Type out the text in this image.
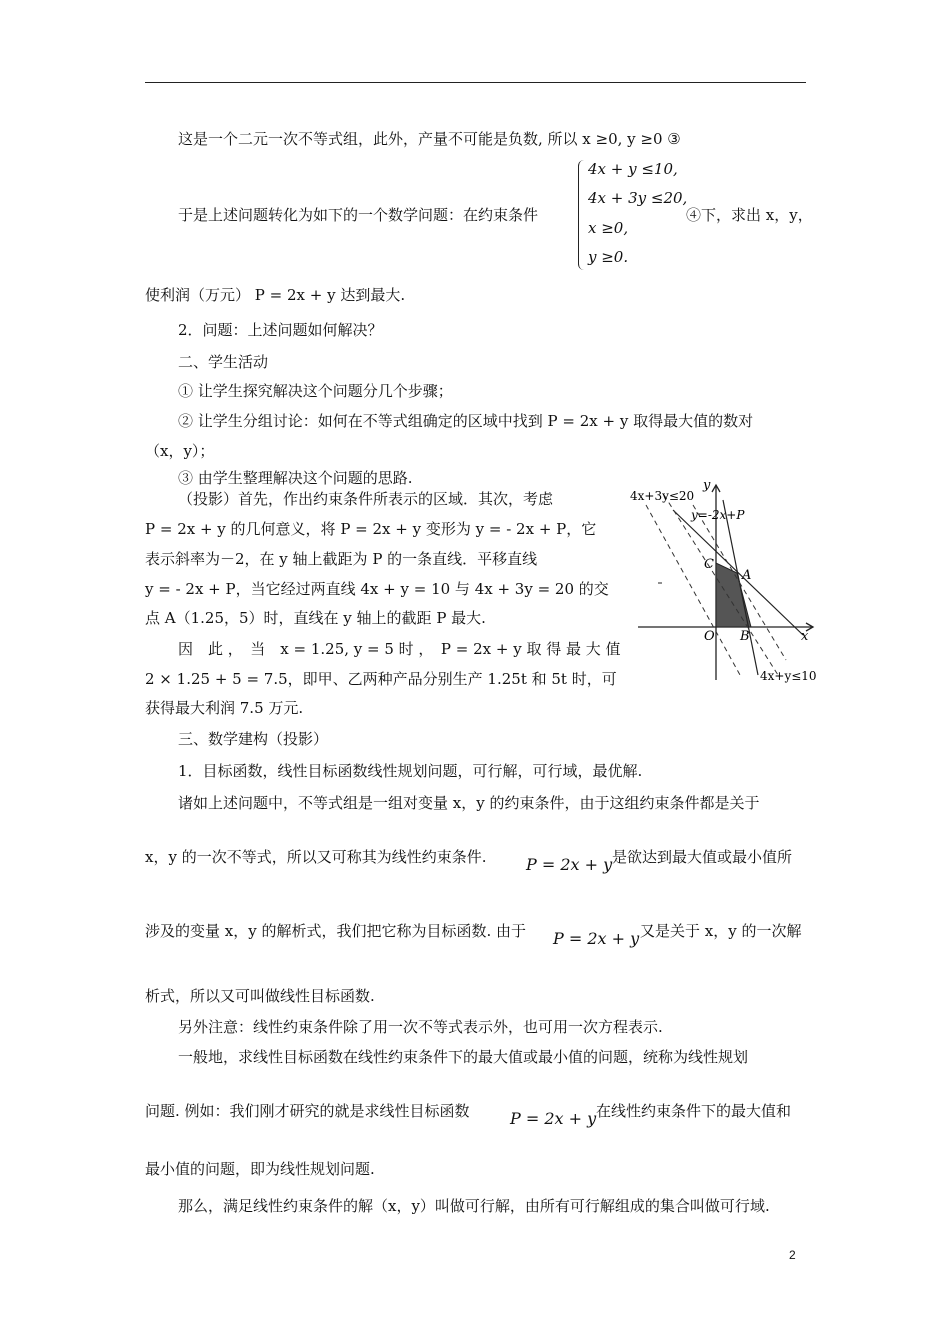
这是一个二元一次不等式组，此外，产量不可能是负数, 所以 x ≥0, y ≥0 ③
4x + y ≤10,
4x + 3y ≤20,
x ≥0,
y ≥0.
于是上述问题转化为如下的一个数学问题：在约束条件	④下，求出 x，y，
使利润（万元） P = 2x + y 达到最大.
2．问题：上述问题如何解决？
二、学生活动
① 让学生探究解决这个问题分几个步骤；
② 让学生分组讨论：如何在不等式组确定的区域中找到 P = 2x + y 取得最大值的数对
（x，y）；
③ 由学生整理解决这个问题的思路.
（投影）首先，作出约束条件所表示的区域．其次，考虑
P = 2x + y 的几何意义，将 P = 2x + y 变形为 y = - 2x + P，它
表示斜率为－2，在 y 轴上截距为 P 的一条直线．平移直线
y = - 2x + P，当它经过两直线 4x + y = 10 与 4x + 3y = 20 的交
点 A（1.25，5）时，直线在 y 轴上的截距 P 最大.
因　此 ，　当　x = 1.25, y = 5 时 ，　P = 2x + y 取 得 最 大 值
2 × 1.25 + 5 = 7.5，即甲、乙两种产品分别生产 1.25t 和 5t 时，可
获得最大利润 7.5 万元.
4x+3y≤20
y
y=-2x+P
C
A
O B	x
4x+y≤10
三、数学建构（投影）
1．目标函数，线性目标函数线性规划问题，可行解，可行域，最优解.
诸如上述问题中，不等式组是一组对变量 x，y 的约束条件，由于这组约束条件都是关于
x，y 的一次不等式，所以又可称其为线性约束条件. P = 2x + y 是欲达到最大值或最小值所
涉及的变量 x，y 的解析式，我们把它称为目标函数. 由于 P = 2x + y 又是关于 x，y 的一次解
析式，所以又可叫做线性目标函数.
另外注意：线性约束条件除了用一次不等式表示外，也可用一次方程表示.
一般地，求线性目标函数在线性约束条件下的最大值或最小值的问题，统称为线性规划
问题. 例如：我们刚才研究的就是求线性目标函数	P = 2x + y 在线性约束条件下的最大值和
最小值的问题，即为线性规划问题.
那么，满足线性约束条件的解（x，y）叫做可行解，由所有可行解组成的集合叫做可行域.
2
